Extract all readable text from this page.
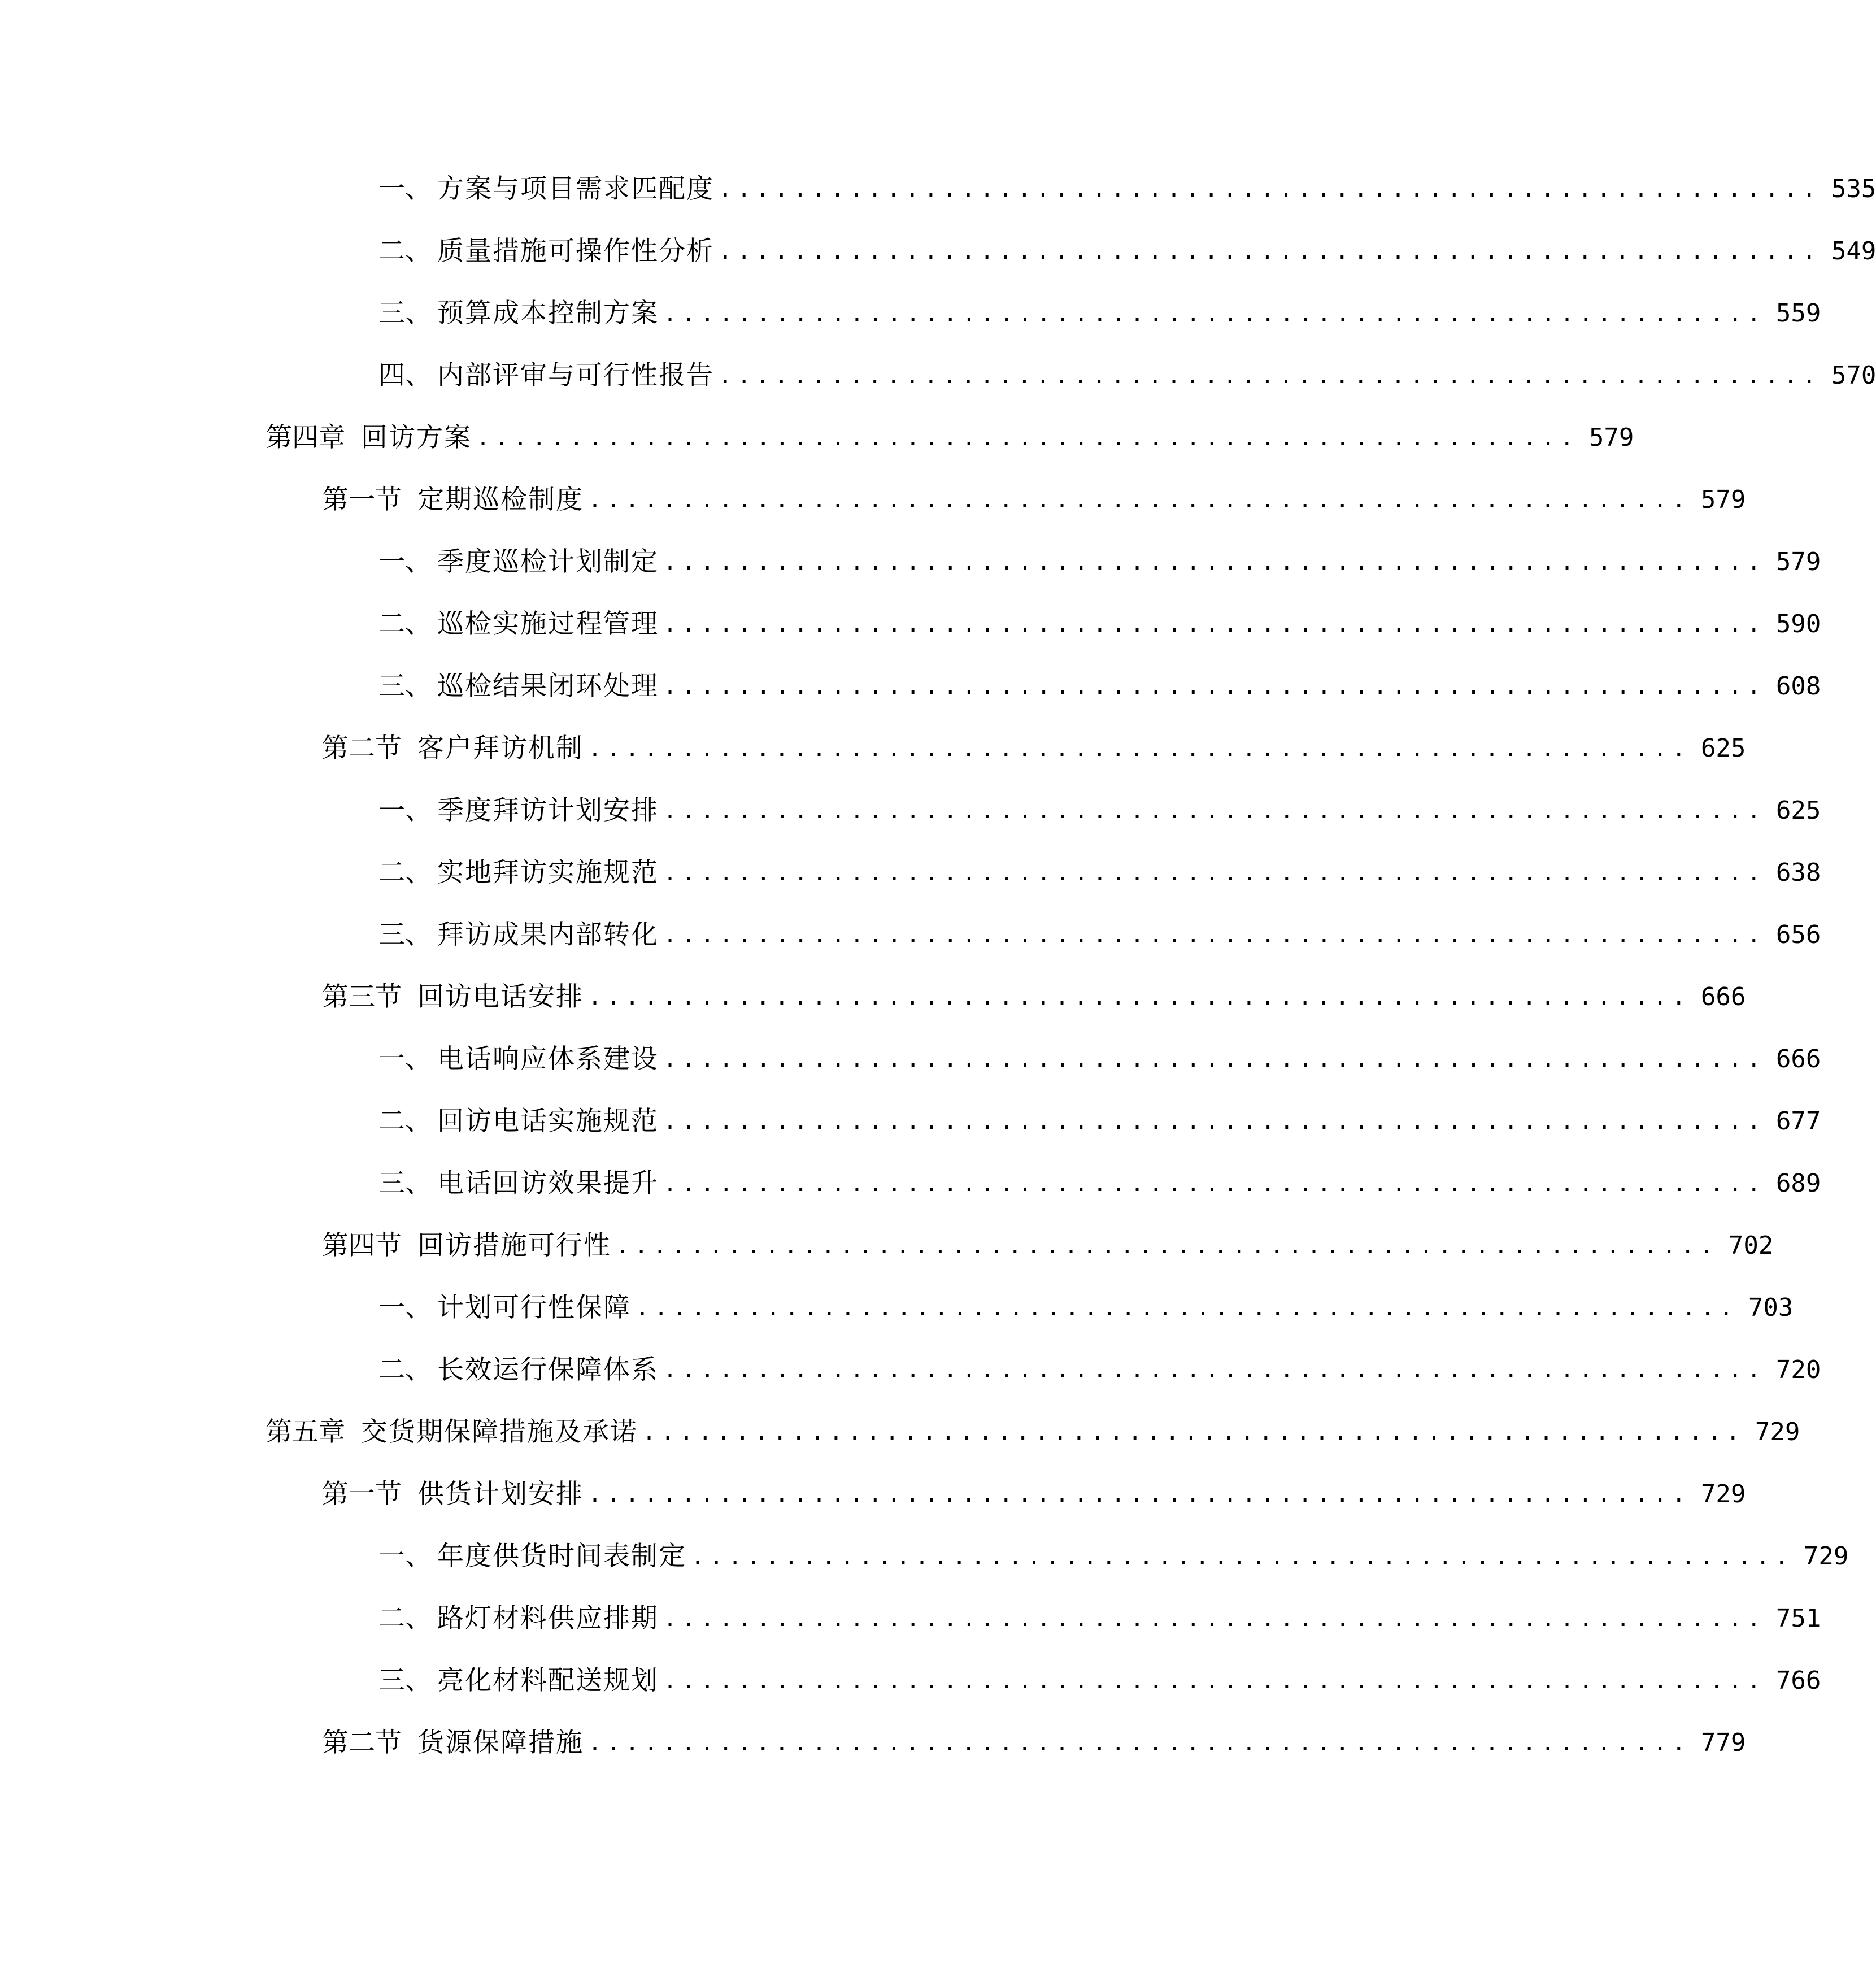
一、 方案与项目需求匹配度 ........................................................... 535
二、 质量措施可操作性分析 ........................................................... 549
三、 预算成本控制方案 ........................................................... 559
四、 内部评审与可行性报告 ........................................................... 570
第四章 回访方案 ........................................................... 579
第一节 定期巡检制度 ........................................................... 579
一、 季度巡检计划制定 ........................................................... 579
二、 巡检实施过程管理 ........................................................... 590
三、 巡检结果闭环处理 ........................................................... 608
第二节 客户拜访机制 ........................................................... 625
一、 季度拜访计划安排 ........................................................... 625
二、 实地拜访实施规范 ........................................................... 638
三、 拜访成果内部转化 ........................................................... 656
第三节 回访电话安排 ........................................................... 666
一、 电话响应体系建设 ........................................................... 666
二、 回访电话实施规范 ........................................................... 677
三、 电话回访效果提升 ........................................................... 689
第四节 回访措施可行性 ........................................................... 702
一、 计划可行性保障 ........................................................... 703
二、 长效运行保障体系 ........................................................... 720
第五章 交货期保障措施及承诺 ........................................................... 729
第一节 供货计划安排 ........................................................... 729
一、 年度供货时间表制定 ........................................................... 729
二、 路灯材料供应排期 ........................................................... 751
三、 亮化材料配送规划 ........................................................... 766
第二节 货源保障措施 ........................................................... 779
